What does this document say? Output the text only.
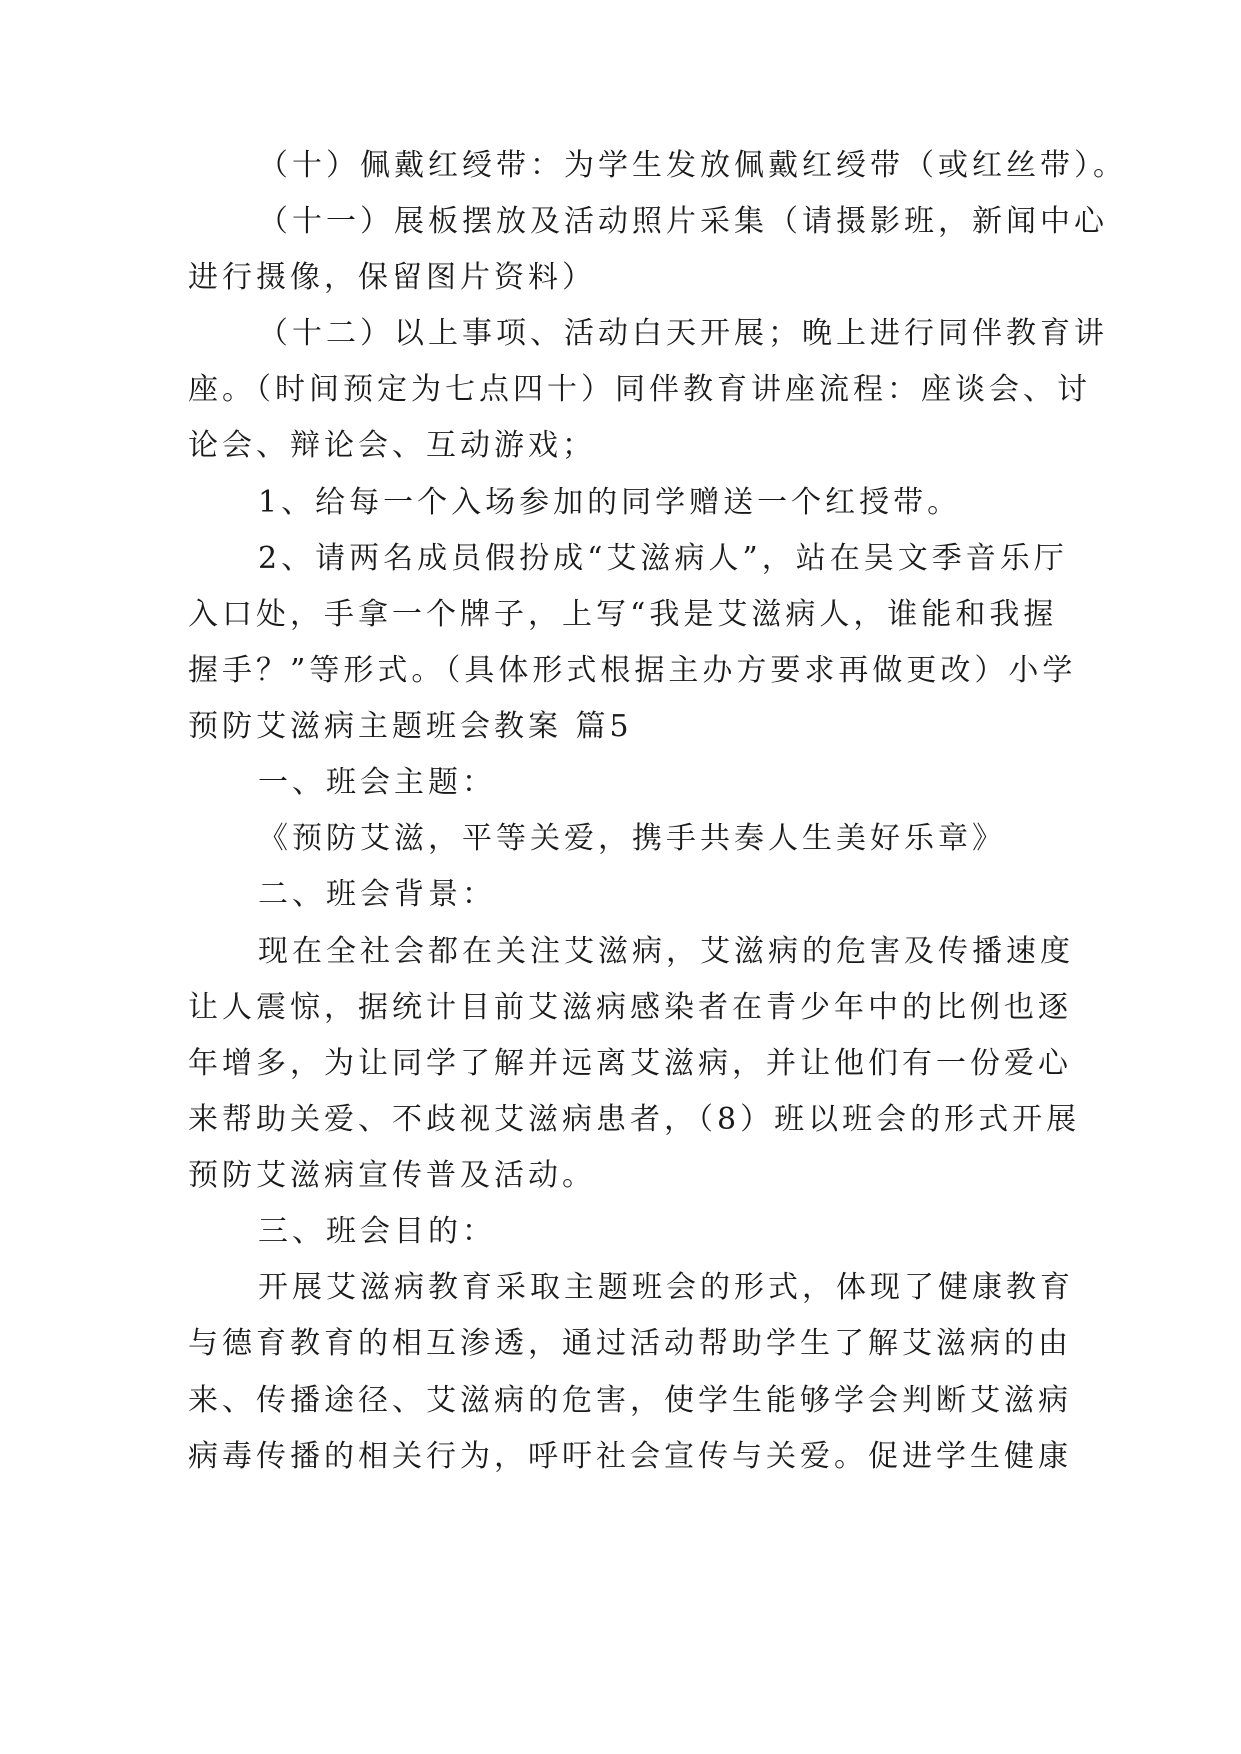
（十）佩戴红绶带：为学生发放佩戴红绶带（或红丝带）。
（十一）展板摆放及活动照片采集（请摄影班，新闻中心
进行摄像，保留图片资料）
（十二）以上事项、活动白天开展；晚上进行同伴教育讲
座。（时间预定为七点四十）同伴教育讲座流程：座谈会、讨
论会、辩论会、互动游戏；
1、给每一个入场参加的同学赠送一个红授带。
2、请两名成员假扮成“艾滋病人”，站在吴文季音乐厅
入口处，手拿一个牌子，上写“我是艾滋病人，谁能和我握
握手？”等形式。（具体形式根据主办方要求再做更改）小学
预防艾滋病主题班会教案 篇5
一、班会主题：
《预防艾滋，平等关爱，携手共奏人生美好乐章》
二、班会背景：
现在全社会都在关注艾滋病，艾滋病的危害及传播速度
让人震惊，据统计目前艾滋病感染者在青少年中的比例也逐
年增多，为让同学了解并远离艾滋病，并让他们有一份爱心
来帮助关爱、不歧视艾滋病患者，（8）班以班会的形式开展
预防艾滋病宣传普及活动。
三、班会目的：
开展艾滋病教育采取主题班会的形式，体现了健康教育
与德育教育的相互渗透，通过活动帮助学生了解艾滋病的由
来、传播途径、艾滋病的危害，使学生能够学会判断艾滋病
病毒传播的相关行为，呼吁社会宣传与关爱。促进学生健康
